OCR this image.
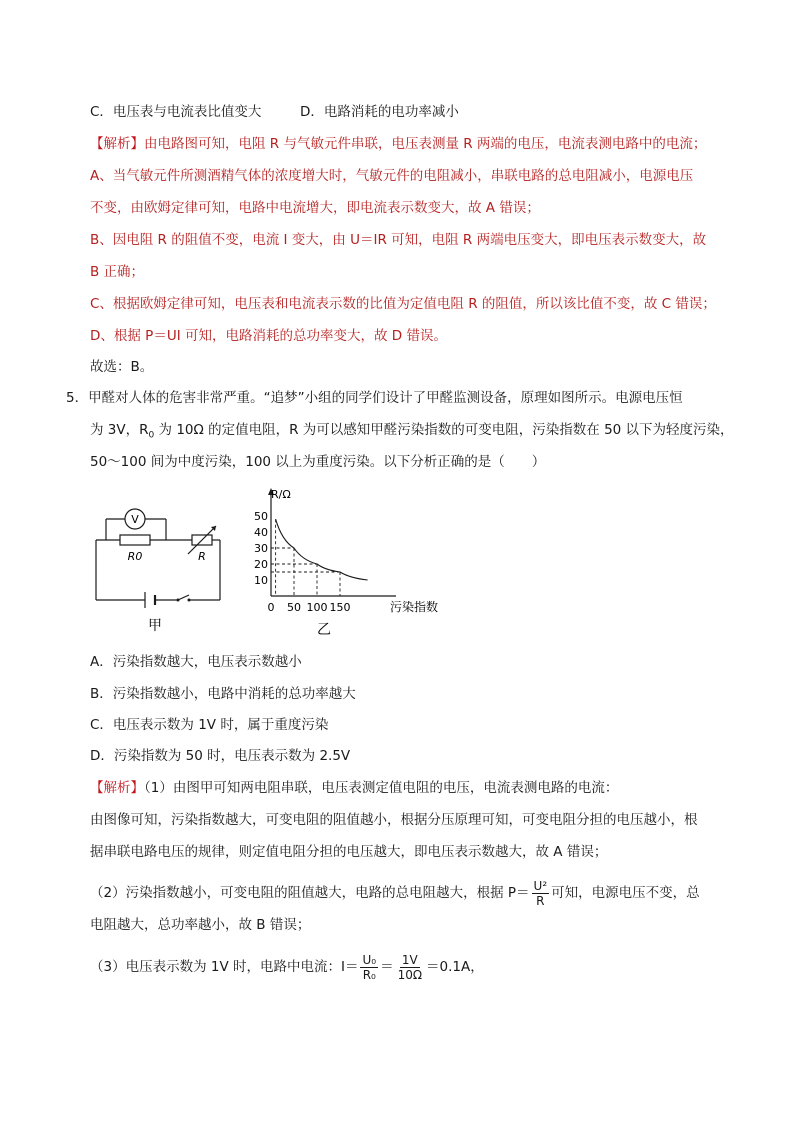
C．电压表与电流表比值变大	D．电路消耗的电功率减小
【解析】由电路图可知，电阻 R 与气敏元件串联，电压表测量 R 两端的电压，电流表测电路中的电流；
A、当气敏元件所测酒精气体的浓度增大时，气敏元件的电阻减小，串联电路的总电阻减小，电源电压
不变，由欧姆定律可知，电路中电流增大，即电流表示数变大，故 A 错误；
B、因电阻 R 的阻值不变，电流 I 变大，由 U＝IR 可知，电阻 R 两端电压变大，即电压表示数变大，故
B 正确；
C、根据欧姆定律可知，电压表和电流表示数的比值为定值电阻 R 的阻值，所以该比值不变，故 C 错误；
D、根据 P＝UI 可知，电路消耗的总功率变大，故 D 错误。
故选：B。
5．甲醛对人体的危害非常严重。“追梦”小组的同学们设计了甲醛监测设备，原理如图所示。电源电压恒
为 3V，$R_0$ 为 10Ω 的定值电阻，R 为可以感知甲醛污染指数的可变电阻，污染指数在 50 以下为轻度污染，
50～100 间为中度污染，100 以上为重度污染。以下分析正确的是（　　）
V
R0	R
甲
R/Ω
50
40
30
20
10
0 50 100 150	污染指数
乙
A．污染指数越大，电压表示数越小
B．污染指数越小，电路中消耗的总功率越大
C．电压表示数为 1V 时，属于重度污染
D．污染指数为 50 时，电压表示数为 2.5V
【解析】（1）由图甲可知两电阻串联，电压表测定值电阻的电压，电流表测电路的电流：
由图像可知，污染指数越大，可变电阻的阻值越小，根据分压原理可知，可变电阻分担的电压越小，根
据串联电路电压的规律，则定值电阻分担的电压越大，即电压表示数越大，故 A 错误；
（2）污染指数越小，可变电阻的阻值越大，电路的总电阻越大，根据 $P= \frac{\text{U²}}{R}$ 可知，电源电压不变，总
电阻越大，总功率越小，故 B 错误；
（3）电压表示数为 1V 时，电路中电流：$I= \frac{\text{U₀}}{\text{R₀}} = \frac{1V}{10\Omega} =0.1A$，
